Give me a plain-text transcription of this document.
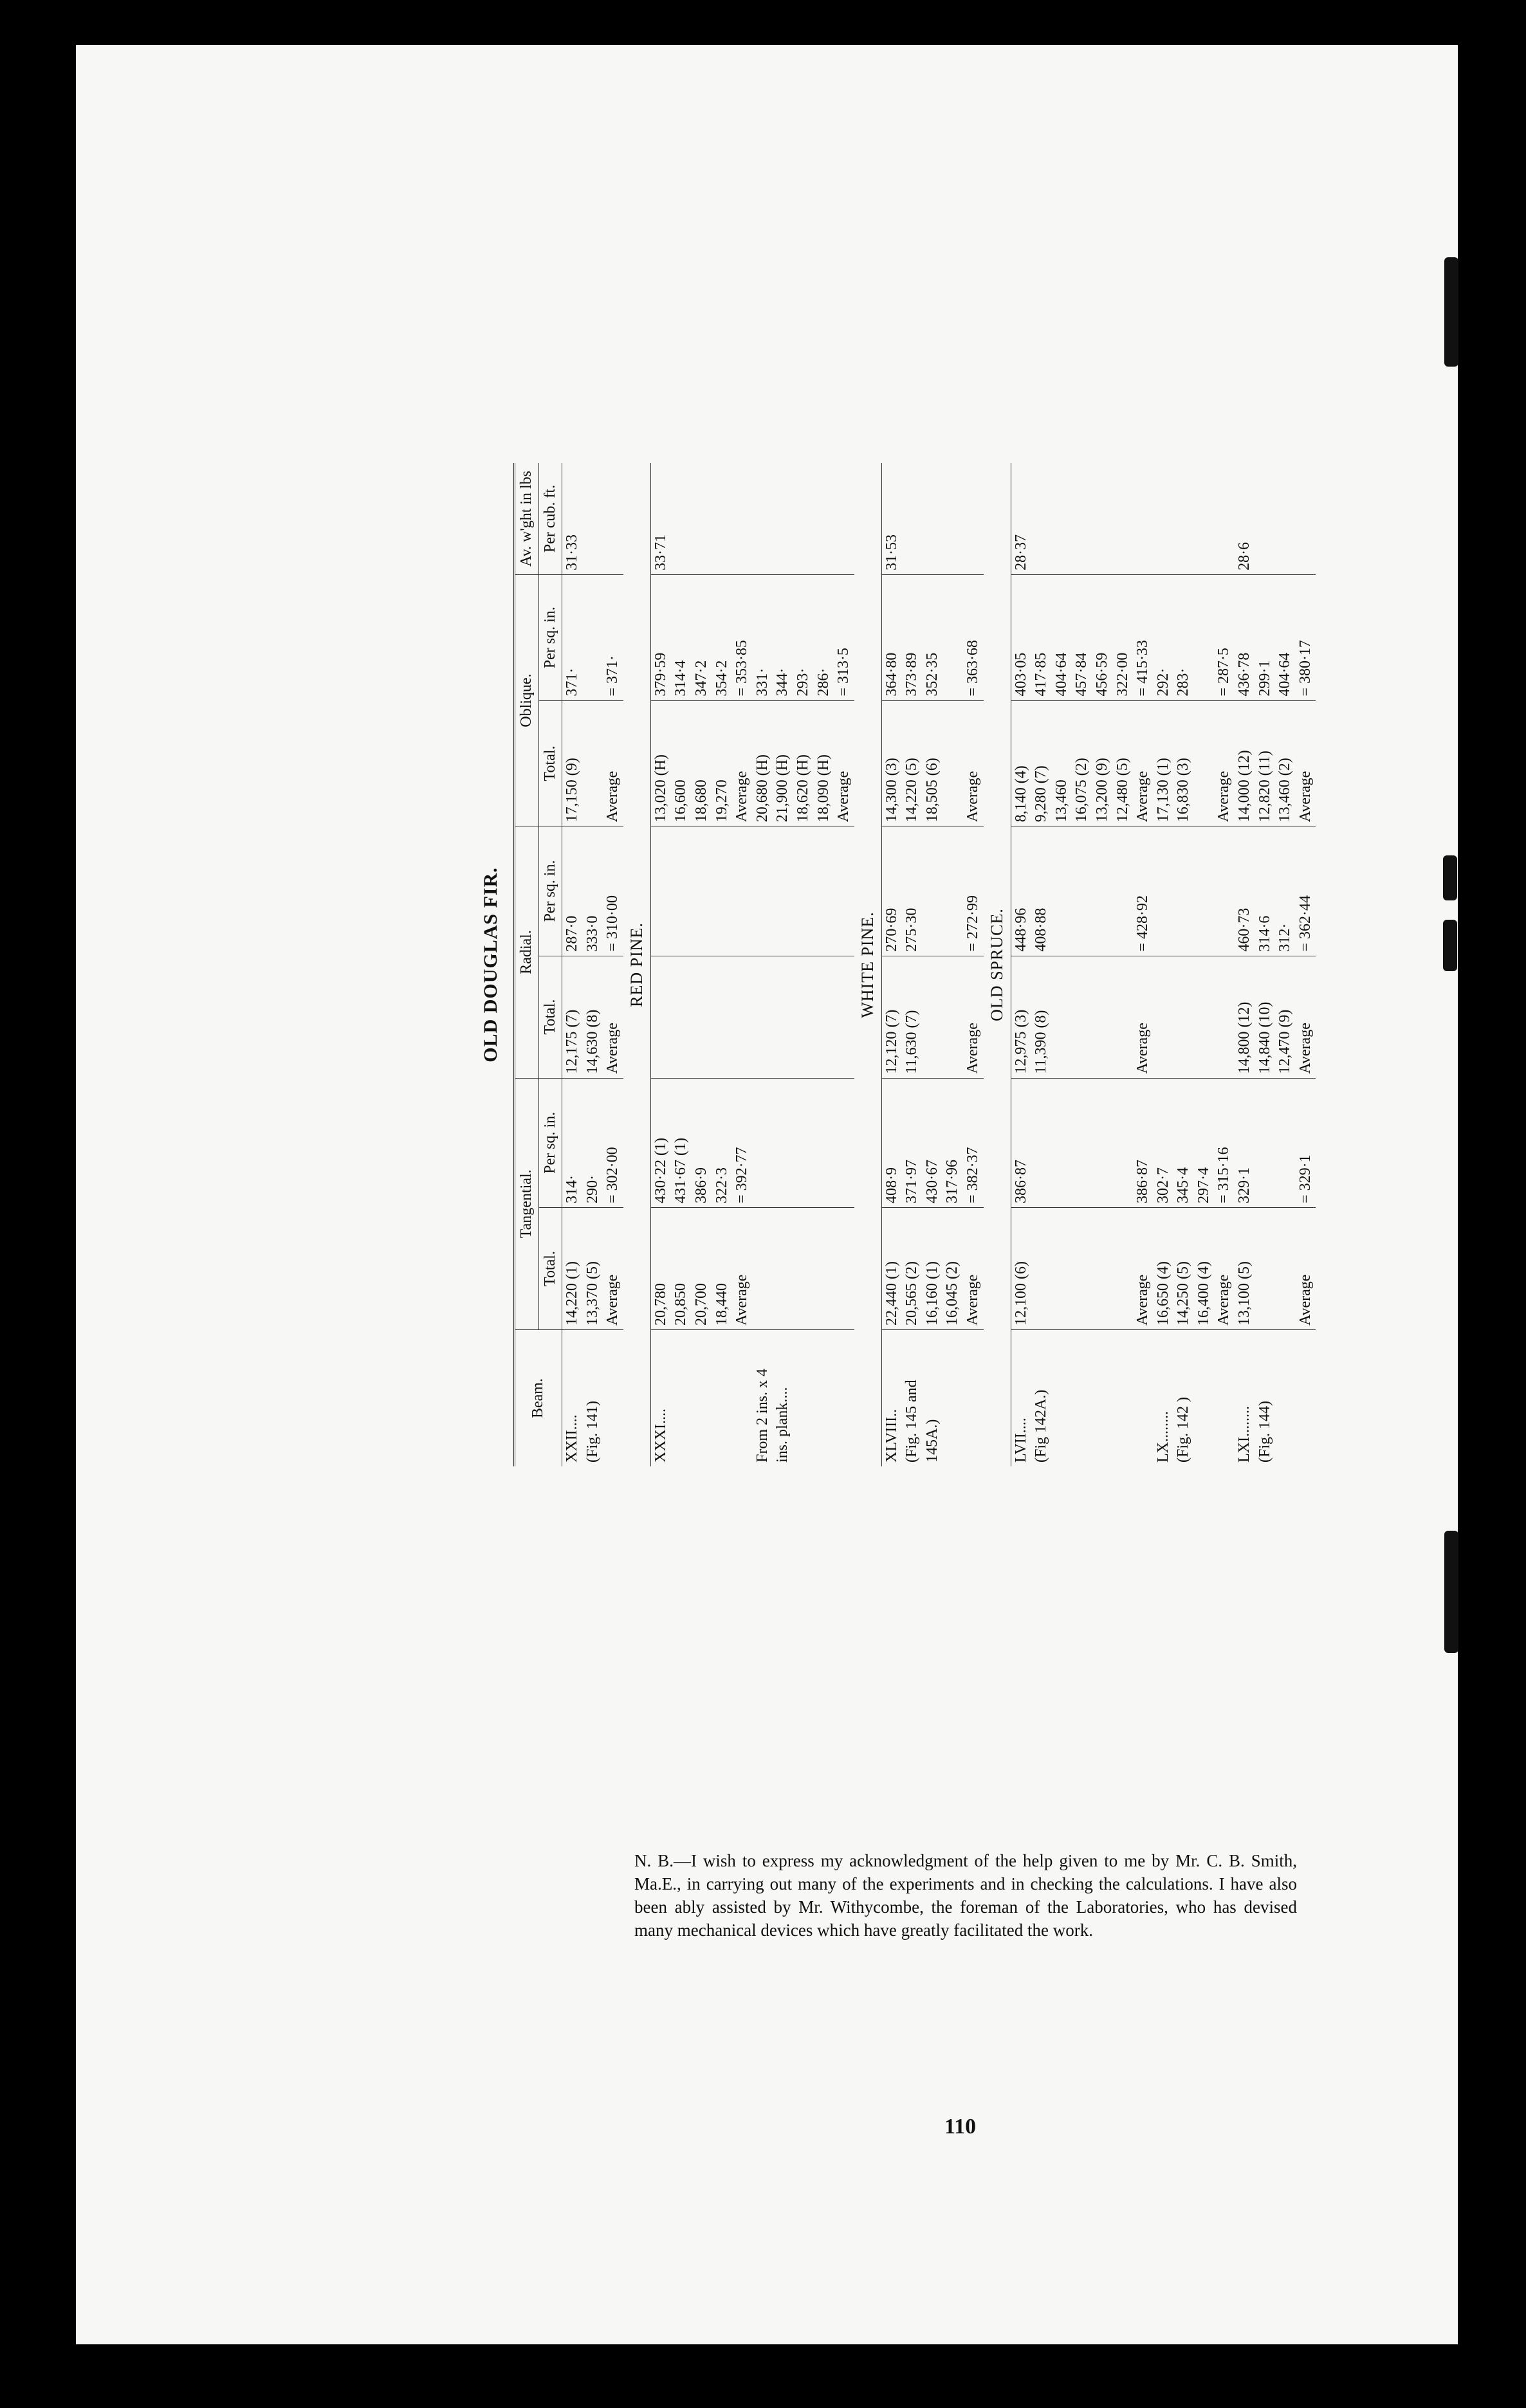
OLD DOUGLAS FIR.
Beam.	Tangential.		Radial.		Oblique.		Av. w'ght in lbs
	Total.	Per sq. in.	Total.	Per sq. in.	Total.	Per sq. in.	Per cub. ft.
XXII....	14,220 (1)	314·	12,175 (7)	287·0	17,150 (9)	371·	31·33
(Fig. 141)	13,370 (5)	290·	14,630 (8)	333·0			
	Average	= 302·00	Average	= 310·00	Average	= 371·	
RED PINE.							
XXXI....	20,780	430·22 (1)			13,020 (H)	379·59	33·71
	20,850	431·67 (1)			16,600	314·4	
	20,700	386·9			18,680	347·2	
	18,440	322·3			19,270	354·2	
	Average	= 392·77			Average	= 353·85	
From 2 ins. x 4					20,680 (H)	331·	
ins. plank....					21,900 (H)	344·	
					18,620 (H)	293·	
					18,090 (H)	286·	
					Average	= 313·5	
WHITE PINE.							
XLVIII..	22,440 (1)	408·9	12,120 (7)	270·69	14,300 (3)	364·80	31·53
(Fig. 145 and	20,565 (2)	371·97	11,630 (7)	275·30	14,220 (5)	373·89	
145A.)	16,160 (1)	430·67			18,505 (6)	352·35	
	16,045 (2)	317·96					
	Average	= 382·37	Average	= 272·99	Average	= 363·68	
OLD SPRUCE.							
LVII....	12,100 (6)	386·87	12,975 (3)	448·96	8,140 (4)	403·05	28·37
(Fig 142A.)			11,390 (8)	408·88	9,280 (7)	417·85	
					13,460	404·64	
					16,075 (2)	457·84	
					13,200 (9)	456·59	
					12,480 (5)	322·00	
	Average	386·87	Average	= 428·92	Average	= 415·33	
LX........	16,650 (4)	302·7			17,130 (1)	292·	
(Fig. 142 )	14,250 (5)	345·4			16,830 (3)	283·	
	16,400 (4)	297·4					
	Average	= 315·16			Average	= 287·5	
LXI........	13,100 (5)	329·1	14,800 (12)	460·73	14,000 (12)	436·78	28·6
(Fig. 144)			14,840 (10)	314·6	12,820 (11)	299·1	
			12,470 (9)	312·	13,460 (2)	404·64	
	Average	= 329·1	Average	= 362·44	Average	= 380·17	
N. B.—I wish to express my acknowledgment of the help given to me by Mr. C. B. Smith, Ma.E., in carrying out many of the experiments and in checking the calculations. I have also been ably assisted by Mr. Withycombe, the foreman of the Laboratories, who has devised many mechanical devices which have greatly facilitated the work.
110
